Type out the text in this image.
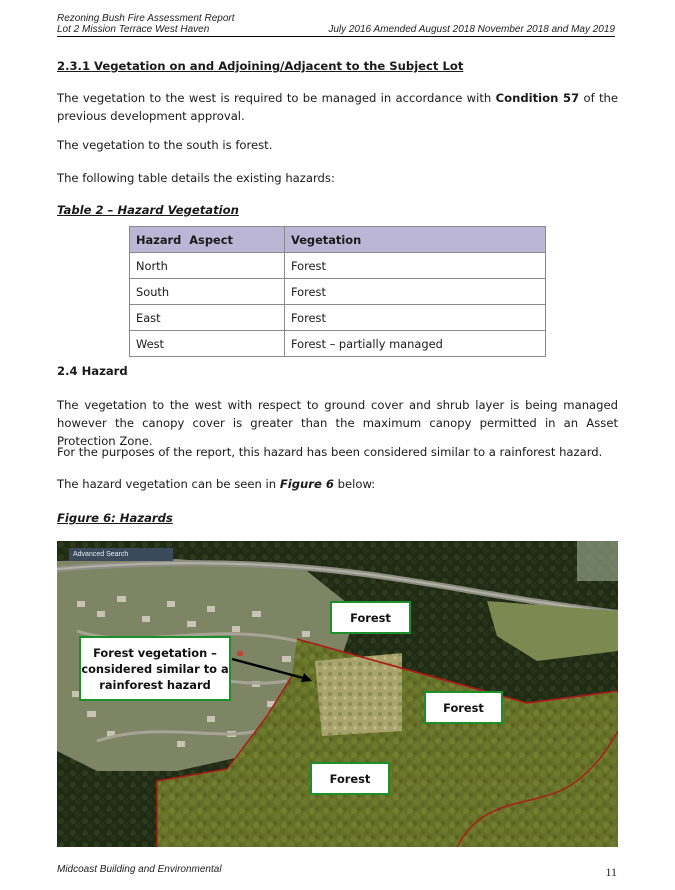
Rezoning Bush Fire Assessment Report
Lot 2 Mission Terrace West Haven	July 2016 Amended August 2018 November 2018 and May 2019
2.3.1 Vegetation on and Adjoining/Adjacent to the Subject Lot
The vegetation to the west is required to be managed in accordance with Condition 57 of the previous development approval.
The vegetation to the south is forest.
The following table details the existing hazards:
Table 2 – Hazard Vegetation
Hazard  Aspect	Vegetation
North	Forest
South	Forest
East	Forest
West	Forest – partially managed
2.4 Hazard
The vegetation to the west with respect to ground cover and shrub layer is being managed however the canopy cover is greater than the maximum canopy permitted in an Asset Protection Zone.
For the purposes of the report, this hazard has been considered similar to a rainforest hazard.
The hazard vegetation can be seen in Figure 6 below:
Figure 6: Hazards
Advanced Search
Forest
Forest vegetation –
considered similar to a
rainforest hazard
Forest
Forest
Midcoast Building and Environmental	11
